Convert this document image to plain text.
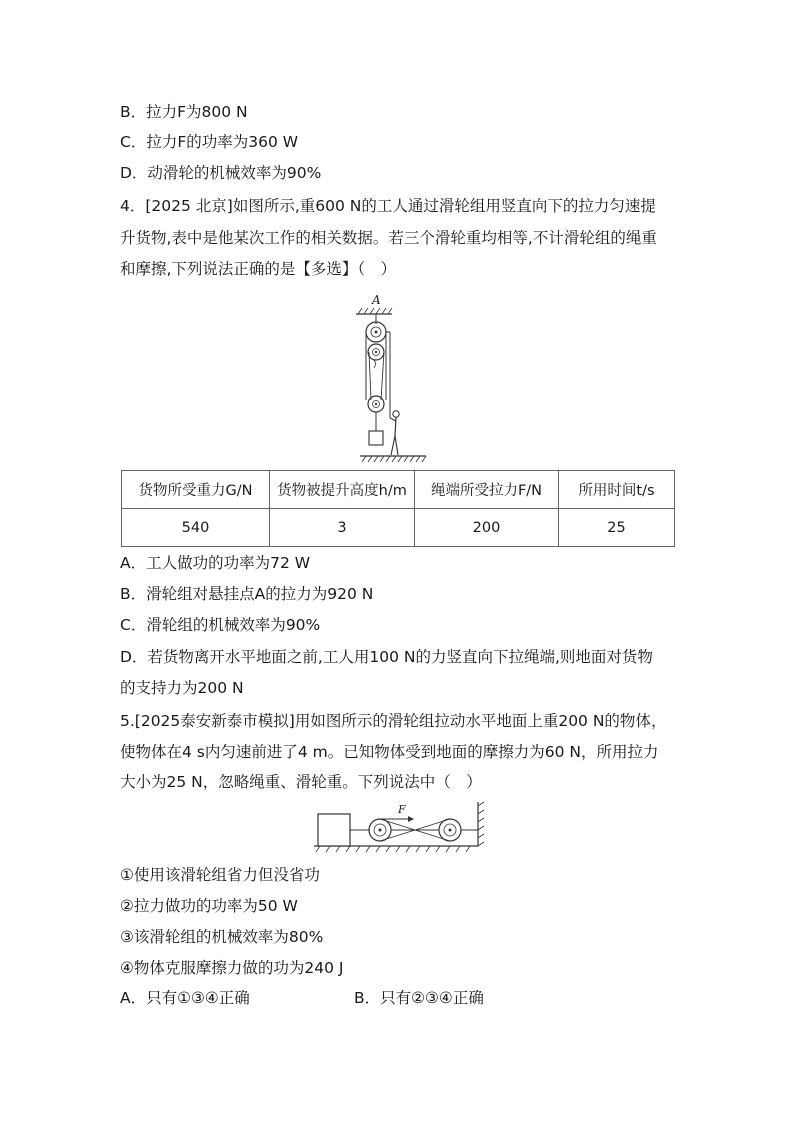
B．拉力F为800 N
C．拉力F的功率为360 W
D．动滑轮的机械效率为90%
4．[2025 北京]如图所示,重600 N的工人通过滑轮组用竖直向下的拉力匀速提
升货物,表中是他某次工作的相关数据。若三个滑轮重均相等,不计滑轮组的绳重
和摩擦,下列说法正确的是【多选】（　）
A
货物所受重力G/N	货物被提升高度h/m	绳端所受拉力F/N	所用时间t/s
540	3	200	25
A．工人做功的功率为72 W
B．滑轮组对悬挂点A的拉力为920 N
C．滑轮组的机械效率为90%
D．若货物离开水平地面之前,工人用100 N的力竖直向下拉绳端,则地面对货物
的支持力为200 N
5.[2025泰安新泰市模拟]用如图所示的滑轮组拉动水平地面上重200 N的物体，
使物体在4 s内匀速前进了4 m。已知物体受到地面的摩擦力为60 N，所用拉力
大小为25 N，忽略绳重、滑轮重。下列说法中（　）
F
①使用该滑轮组省力但没省功
②拉力做功的功率为50 W
③该滑轮组的机械效率为80%
④物体克服摩擦力做的功为240 J
A．只有①③④正确	B．只有②③④正确
